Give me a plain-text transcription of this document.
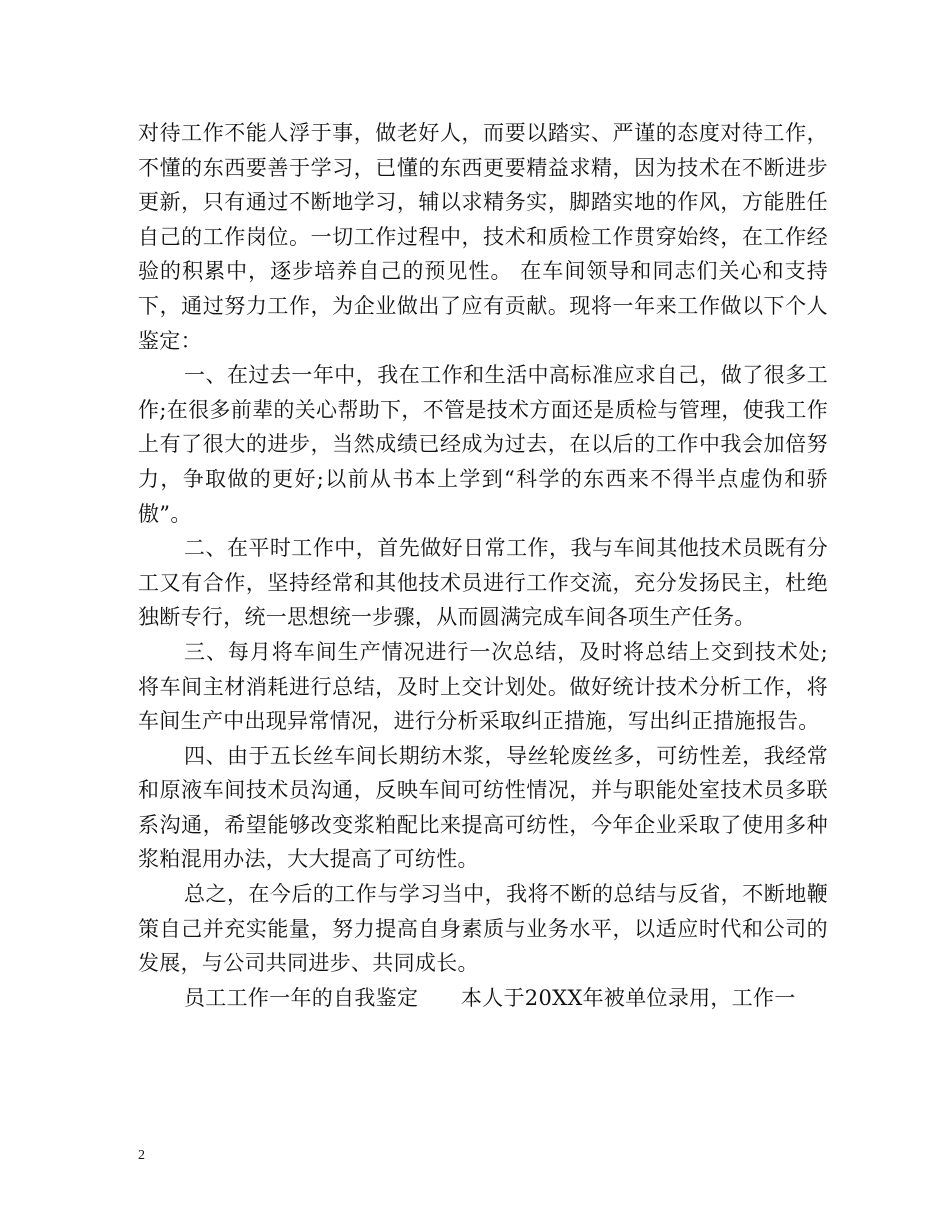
对待工作不能人浮于事，做老好人，而要以踏实、严谨的态度对待工作，不懂的东西要善于学习，已懂的东西更要精益求精，因为技术在不断进步更新，只有通过不断地学习，辅以求精务实，脚踏实地的作风，方能胜任自己的工作岗位。一切工作过程中，技术和质检工作贯穿始终，在工作经验的积累中，逐步培养自己的预见性。 在车间领导和同志们关心和支持下，通过努力工作，为企业做出了应有贡献。现将一年来工作做以下个人鉴定：

一、在过去一年中，我在工作和生活中高标准应求自己，做了很多工作;在很多前辈的关心帮助下，不管是技术方面还是质检与管理，使我工作上有了很大的进步，当然成绩已经成为过去，在以后的工作中我会加倍努力，争取做的更好;以前从书本上学到“科学的东西来不得半点虚伪和骄傲”。

二、在平时工作中，首先做好日常工作，我与车间其他技术员既有分工又有合作，坚持经常和其他技术员进行工作交流，充分发扬民主，杜绝独断专行，统一思想统一步骤，从而圆满完成车间各项生产任务。

三、每月将车间生产情况进行一次总结，及时将总结上交到技术处;将车间主材消耗进行总结，及时上交计划处。做好统计技术分析工作，将车间生产中出现异常情况，进行分析采取纠正措施，写出纠正措施报告。

四、由于五长丝车间长期纺木浆，导丝轮废丝多，可纺性差，我经常和原液车间技术员沟通，反映车间可纺性情况，并与职能处室技术员多联系沟通，希望能够改变浆粕配比来提高可纺性，今年企业采取了使用多种浆粕混用办法，大大提高了可纺性。

总之，在今后的工作与学习当中，我将不断的总结与反省，不断地鞭策自己并充实能量，努力提高自身素质与业务水平，以适应时代和公司的发展，与公司共同进步、共同成长。

员工工作一年的自我鉴定　　本人于20XX年被单位录用，工作一

2
